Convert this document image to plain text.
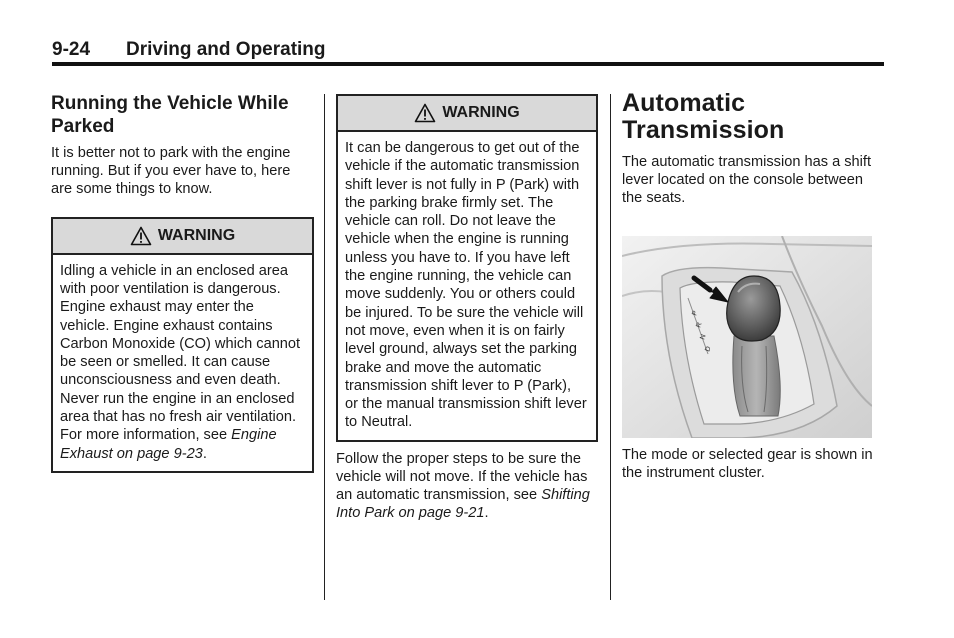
9-24 Driving and Operating
Running the Vehicle While Parked
It is better not to park with the engine running. But if you ever have to, here are some things to know.
WARNING
Idling a vehicle in an enclosed area with poor ventilation is dangerous. Engine exhaust may enter the vehicle. Engine exhaust contains Carbon Monoxide (CO) which cannot be seen or smelled. It can cause unconsciousness and even death. Never run the engine in an enclosed area that has no fresh air ventilation.
For more information, see Engine Exhaust on page 9-23.
WARNING
It can be dangerous to get out of the vehicle if the automatic transmission shift lever is not fully in P (Park) with the parking brake firmly set. The vehicle can roll. Do not leave the vehicle when the engine is running unless you have to. If you have left the engine running, the vehicle can move suddenly. You or others could be injured. To be sure the vehicle will not move, even when it is on fairly level ground, always set the parking brake and move the automatic transmission shift lever to P (Park), or the manual transmission shift lever to Neutral.
Follow the proper steps to be sure the vehicle will not move. If the vehicle has an automatic transmission, see Shifting Into Park on page 9-21.
Automatic Transmission
The automatic transmission has a shift lever located on the console between the seats.
P
R
N
D
The mode or selected gear is shown in the instrument cluster.
